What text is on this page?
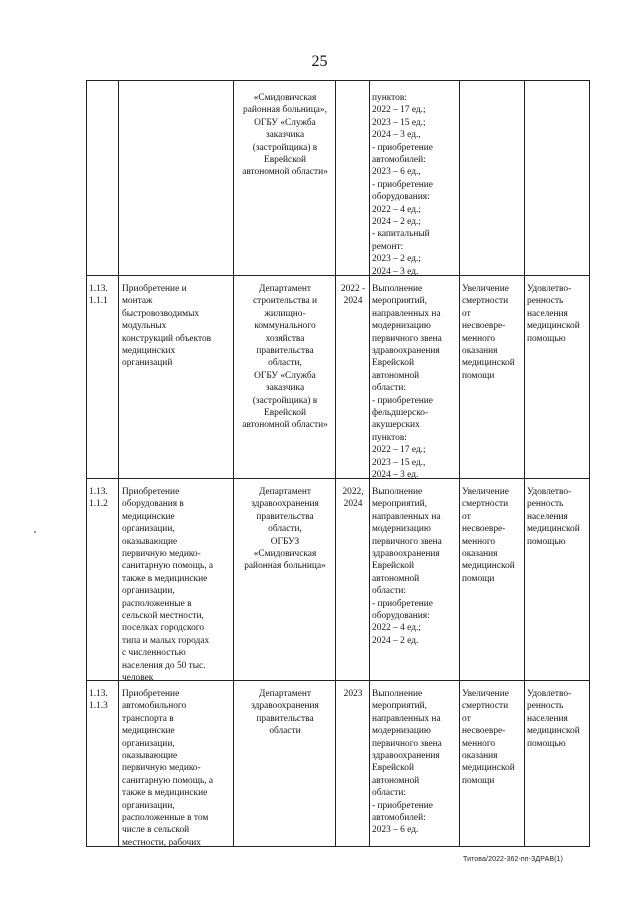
25
«Смидовичская
районная больница»,
ОГБУ «Служба
заказчика
(застройщика) в
Еврейской
автономной области»
пунктов:
2022 – 17 ед.;
2023 – 15 ед.;
2024 – 3 ед.,
- приобретение
автомобилей:
2023 – 6 ед.,
- приобретение
оборудования:
2022 – 4 ед.;
2024 – 2 ед.;
- капитальный
ремонт:
2023 – 2 ед.;
2024 – 3 ед.
1.13.
1.1.1
Приобретение и
монтаж
быстровозводимых
модульных
конструкций объектов
медицинских
организаций
Департамент
строительства и
жилищно-
коммунального
хозяйства
правительства
области,
ОГБУ «Служба
заказчика
(застройщика) в
Еврейской
автономной области»
2022 -
2024
Выполнение
мероприятий,
направленных на
модернизацию
первичного звена
здравоохранения
Еврейской
автономной
области:
- приобретение
фельдшерско-
акушерских
пунктов:
2022 – 17 ед.;
2023 – 15 ед.,
2024 – 3 ед.
Увеличение
смертности
от
несвоевре-
менного
оказания
медицинской
помощи
Удовлетво-
ренность
населения
медицинской
помощью
1.13.
1.1.2
Приобретение
оборудования в
медицинские
организации,
оказывающие
первичную медико-
санитарную помощь, а
также в медицинские
организации,
расположенные в
сельской местности,
поселках городского
типа и малых городах
с численностью
населения до 50 тыс.
человек
Департамент
здравоохранения
правительства
области,
ОГБУЗ
«Смидовичская
районная больница»
2022,
2024
Выполнение
мероприятий,
направленных на
модернизацию
первичного звена
здравоохранения
Еврейской
автономной
области:
- приобретение
оборудования:
2022 – 4 ед.;
2024 – 2 ед.
Увеличение
смертности
от
несвоевре-
менного
оказания
медицинской
помощи
Удовлетво-
ренность
населения
медицинской
помощью
1.13.
1.1.3
Приобретение
автомобильного
транспорта в
медицинские
организации,
оказывающие
первичную медико-
санитарную помощь, а
также в медицинские
организации,
расположенные в том
числе в сельской
местности, рабочих
Департамент
здравоохранения
правительства
области
2023	Выполнение
мероприятий,
направленных на
модернизацию
первичного звена
здравоохранения
Еврейской
автономной
области:
- приобретение
автомобилей:
2023 – 6 ед.
Увеличение
смертности
от
несвоевре-
менного
оказания
медицинской
помощи
Удовлетво-
ренность
населения
медицинской
помощью
Титова/2022-362-пп-ЗДРАВ(1)
